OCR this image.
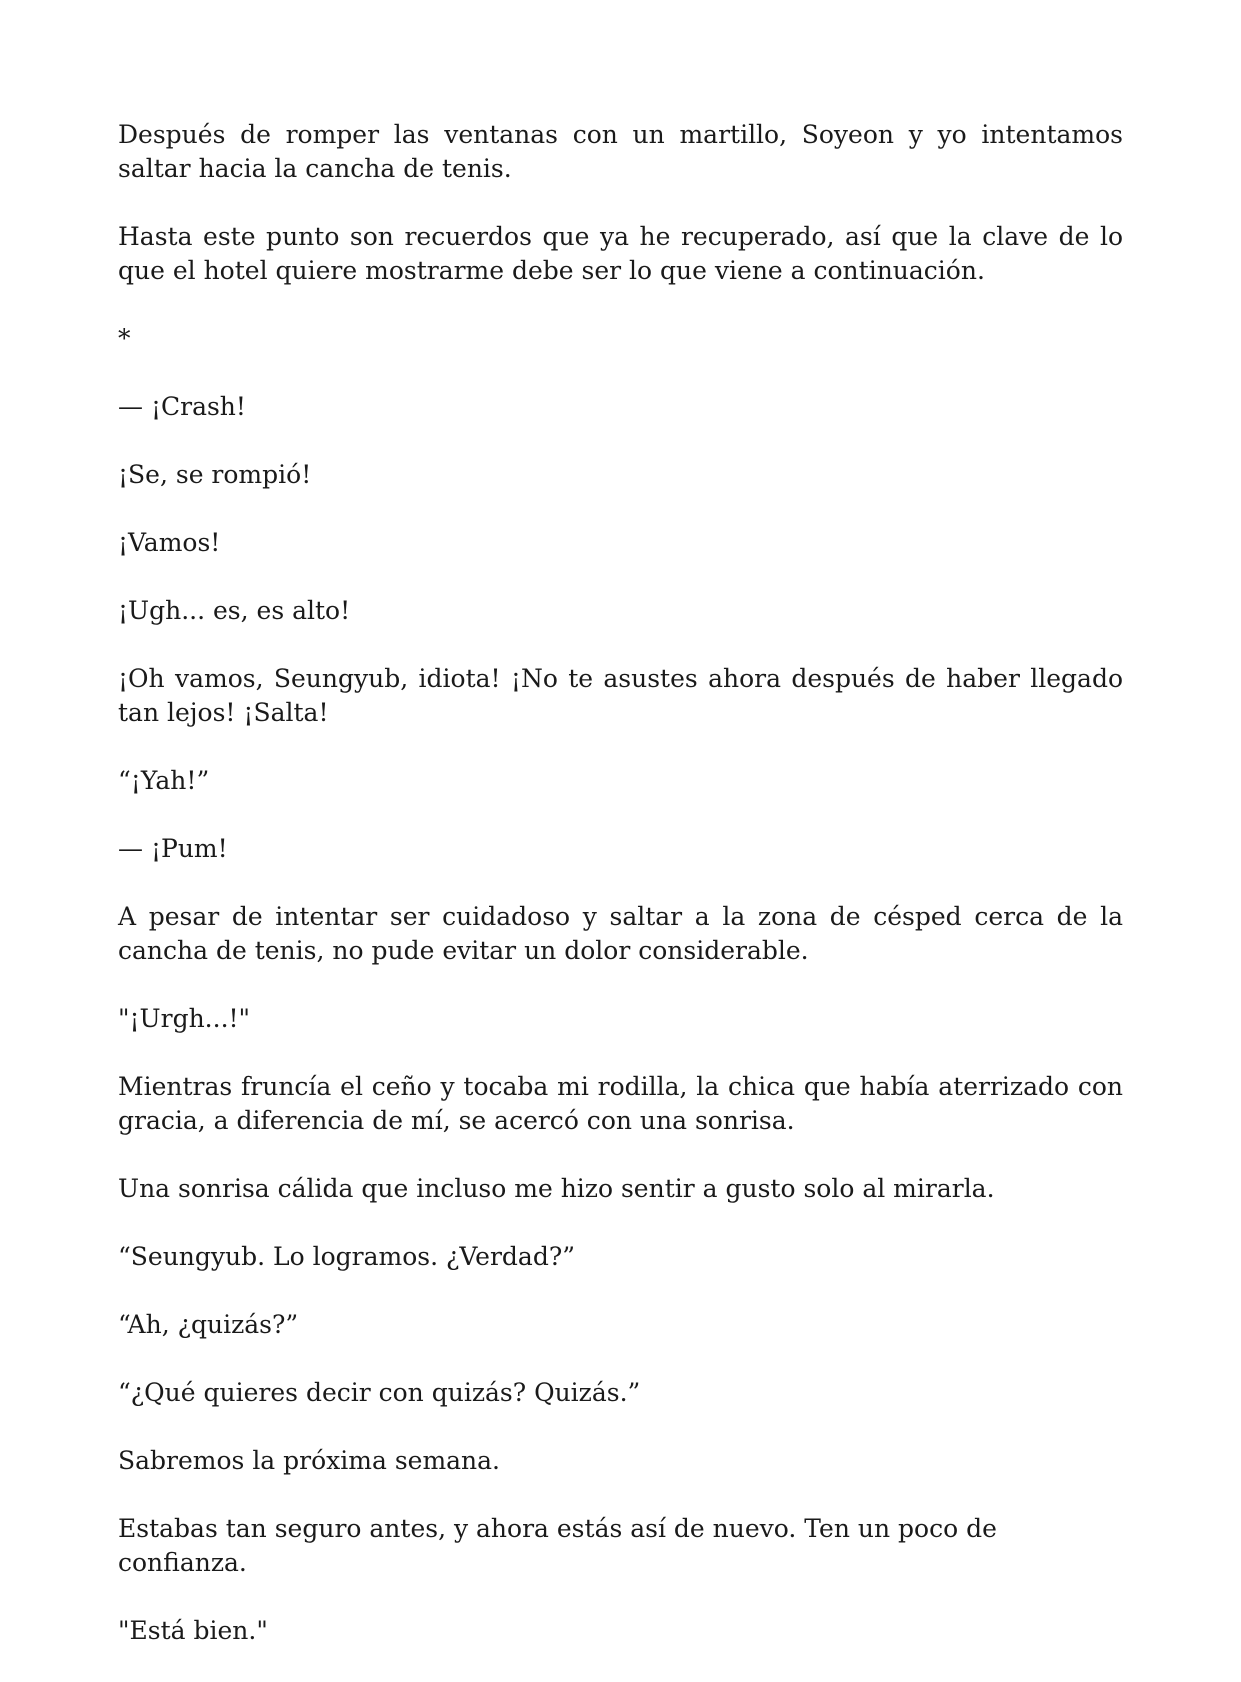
Después de romper las ventanas con un martillo, Soyeon y yo intentamos saltar hacia la cancha de tenis.

Hasta este punto son recuerdos que ya he recuperado, así que la clave de lo que el hotel quiere mostrarme debe ser lo que viene a continuación.

*

— ¡Crash!

¡Se, se rompió!

¡Vamos!

¡Ugh... es, es alto!

¡Oh vamos, Seungyub, idiota! ¡No te asustes ahora después de haber llegado tan lejos! ¡Salta!

“¡Yah!”

— ¡Pum!

A pesar de intentar ser cuidadoso y saltar a la zona de césped cerca de la cancha de tenis, no pude evitar un dolor considerable.

"¡Urgh...!"

Mientras fruncía el ceño y tocaba mi rodilla, la chica que había aterrizado con gracia, a diferencia de mí, se acercó con una sonrisa.

Una sonrisa cálida que incluso me hizo sentir a gusto solo al mirarla.

“Seungyub. Lo logramos. ¿Verdad?”

“Ah, ¿quizás?”

“¿Qué quieres decir con quizás? Quizás.”

Sabremos la próxima semana.

Estabas tan seguro antes, y ahora estás así de nuevo. Ten un poco de confianza.

"Está bien."
